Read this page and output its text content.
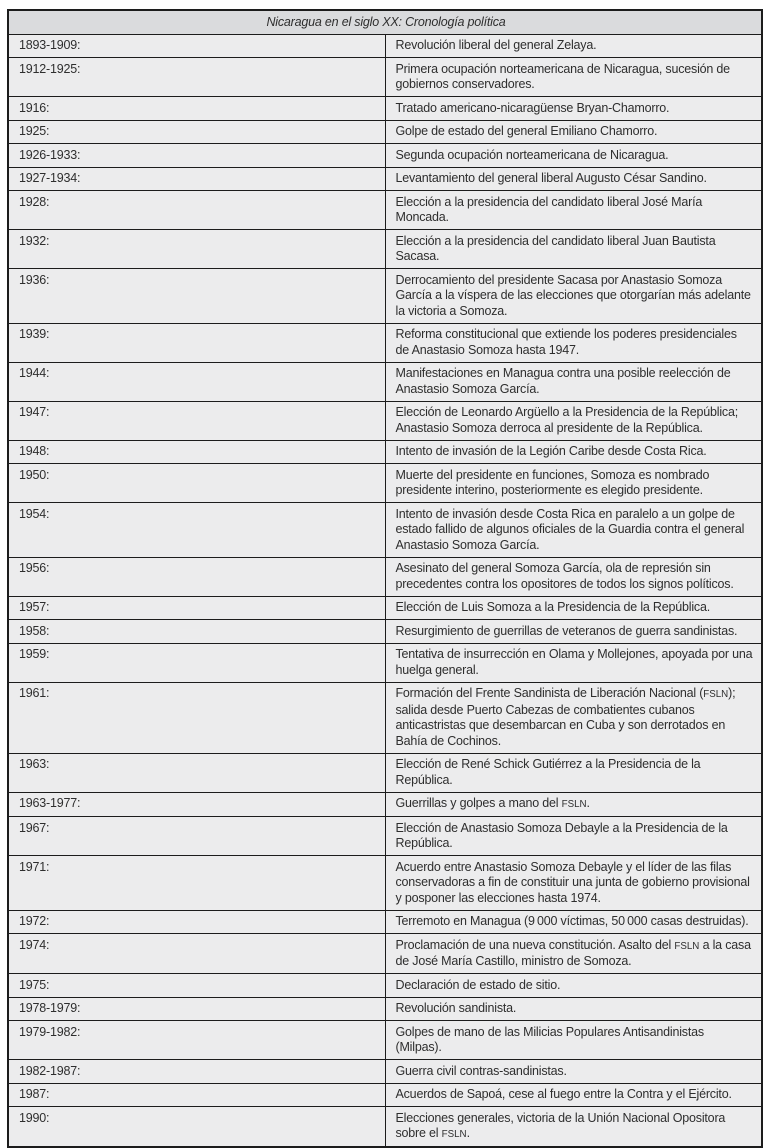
Nicaragua en el siglo XX: Cronología política	
1893-1909:	Revolución liberal del general Zelaya.
1912-1925:	Primera ocupación norteamericana de Nicaragua, sucesión de gobiernos conservadores.
1916:	Tratado americano-nicaragüense Bryan-Chamorro.
1925:	Golpe de estado del general Emiliano Chamorro.
1926-1933:	Segunda ocupación norteamericana de Nicaragua.
1927-1934:	Levantamiento del general liberal Augusto César Sandino.
1928:	Elección a la presidencia del candidato liberal José María Moncada.
1932:	Elección a la presidencia del candidato liberal Juan Bautista Sacasa.
1936:	Derrocamiento del presidente Sacasa por Anastasio Somoza García a la víspera de las elecciones que otorgarían más adelante la victoria a Somoza.
1939:	Reforma constitucional que extiende los poderes presidenciales de Anastasio Somoza hasta 1947.
1944:	Manifestaciones en Managua contra una posible reelección de Anastasio Somoza García.
1947:	Elección de Leonardo Argüello a la Presidencia de la República; Anastasio Somoza derroca al presidente de la República.
1948:	Intento de invasión de la Legión Caribe desde Costa Rica.
1950:	Muerte del presidente en funciones, Somoza es nombrado presidente interino, posteriormente es elegido presidente.
1954:	Intento de invasión desde Costa Rica en paralelo a un golpe de estado fallido de algunos oficiales de la Guardia contra el general Anastasio Somoza García.
1956:	Asesinato del general Somoza García, ola de represión sin precedentes contra los opositores de todos los signos políticos.
1957:	Elección de Luis Somoza a la Presidencia de la República.
1958:	Resurgimiento de guerrillas de veteranos de guerra sandinistas.
1959:	Tentativa de insurrección en Olama y Mollejones, apoyada por una huelga general.
1961:	Formación del Frente Sandinista de Liberación Nacional (FSLN); salida desde Puerto Cabezas de combatientes cubanos anticastristas que desembarcan en Cuba y son derrotados en Bahía de Cochinos.
1963:	Elección de René Schick Gutiérrez a la Presidencia de la República.
1963-1977:	Guerrillas y golpes a mano del FSLN.
1967:	Elección de Anastasio Somoza Debayle a la Presidencia de la República.
1971:	Acuerdo entre Anastasio Somoza Debayle y el líder de las filas conservadoras a fin de constituir una junta de gobierno provisional y posponer las elecciones hasta 1974.
1972:	Terremoto en Managua (9 000 víctimas, 50 000 casas destruidas).
1974:	Proclamación de una nueva constitución. Asalto del FSLN a la casa de José María Castillo, ministro de Somoza.
1975:	Declaración de estado de sitio.
1978-1979:	Revolución sandinista.
1979-1982:	Golpes de mano de las Milicias Populares Antisandinistas (Milpas).
1982-1987:	Guerra civil contras-sandinistas.
1987:	Acuerdos de Sapoá, cese al fuego entre la Contra y el Ejército.
1990:	Elecciones generales, victoria de la Unión Nacional Opositora sobre el FSLN.
